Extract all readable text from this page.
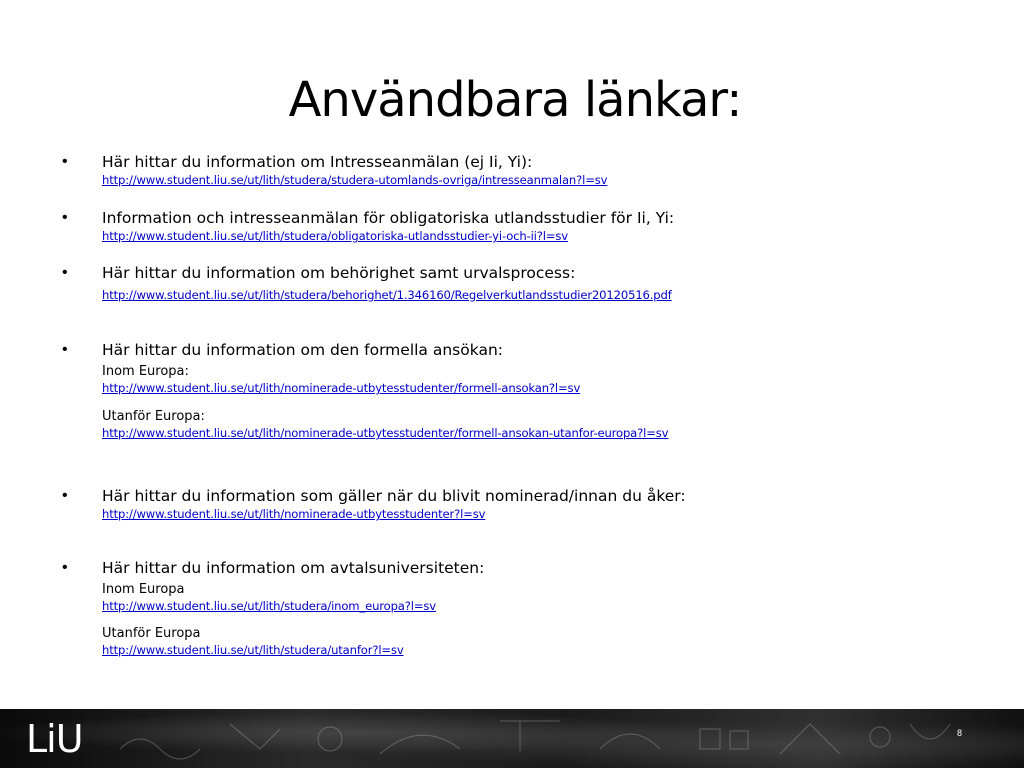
Användbara länkar:
• Här hittar du information om Intresseanmälan (ej Ii, Yi):
http://www.student.liu.se/ut/lith/studera/studera-utomlands-ovriga/intresseanmalan?l=sv
• Information och intresseanmälan för obligatoriska utlandsstudier för Ii, Yi:
http://www.student.liu.se/ut/lith/studera/obligatoriska-utlandsstudier-yi-och-ii?l=sv
• Här hittar du information om behörighet samt urvalsprocess:
http://www.student.liu.se/ut/lith/studera/behorighet/1.346160/Regelverkutlandsstudier20120516.pdf
• Här hittar du information om den formella ansökan:
Inom Europa:
http://www.student.liu.se/ut/lith/nominerade-utbytesstudenter/formell-ansokan?l=sv
Utanför Europa:
http://www.student.liu.se/ut/lith/nominerade-utbytesstudenter/formell-ansokan-utanfor-europa?l=sv
• Här hittar du information som gäller när du blivit nominerad/innan du åker:
http://www.student.liu.se/ut/lith/nominerade-utbytesstudenter?l=sv
• Här hittar du information om avtalsuniversiteten:
Inom Europa
http://www.student.liu.se/ut/lith/studera/inom_europa?l=sv
Utanför Europa
http://www.student.liu.se/ut/lith/studera/utanfor?l=sv
LiU	8
